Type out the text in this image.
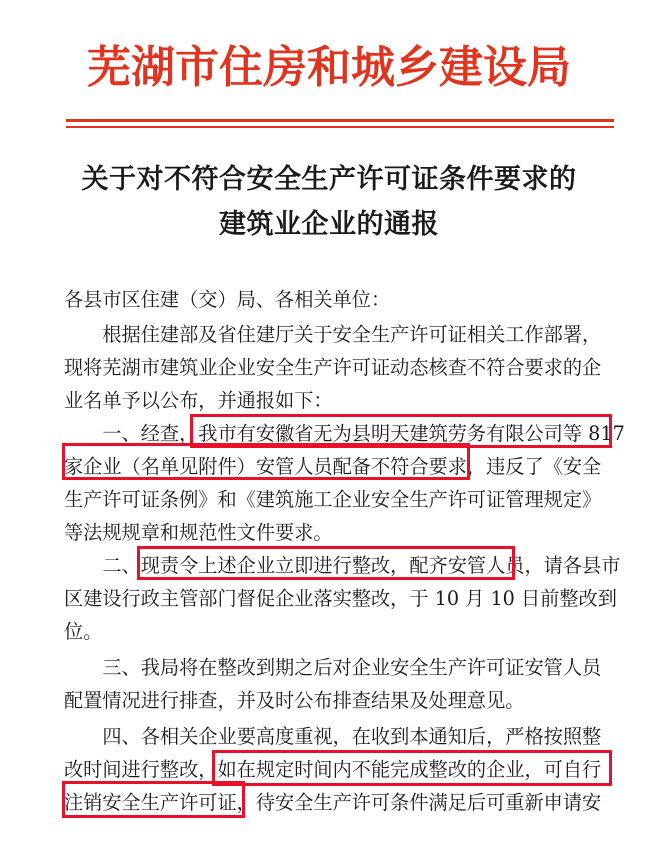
芜湖市住房和城乡建设局
关于对不符合安全生产许可证条件要求的
建筑业企业的通报
各县市区住建（交）局、各相关单位：
　　根据住建部及省住建厅关于安全生产许可证相关工作部署，
现将芜湖市建筑业企业安全生产许可证动态核查不符合要求的企
业名单予以公布，并通报如下：
　　一、经查，我市有安徽省无为县明天建筑劳务有限公司等 817
家企业（名单见附件）安管人员配备不符合要求，违反了《安全
生产许可证条例》和《建筑施工企业安全生产许可证管理规定》
等法规规章和规范性文件要求。
　　二、现责令上述企业立即进行整改，配齐安管人员，请各县市
区建设行政主管部门督促企业落实整改，于 10 月 10 日前整改到
位。
　　三、我局将在整改到期之后对企业安全生产许可证安管人员
配置情况进行排查，并及时公布排查结果及处理意见。
　　四、各相关企业要高度重视，在收到本通知后，严格按照整
改时间进行整改，如在规定时间内不能完成整改的企业，可自行
注销安全生产许可证，待安全生产许可条件满足后可重新申请安
